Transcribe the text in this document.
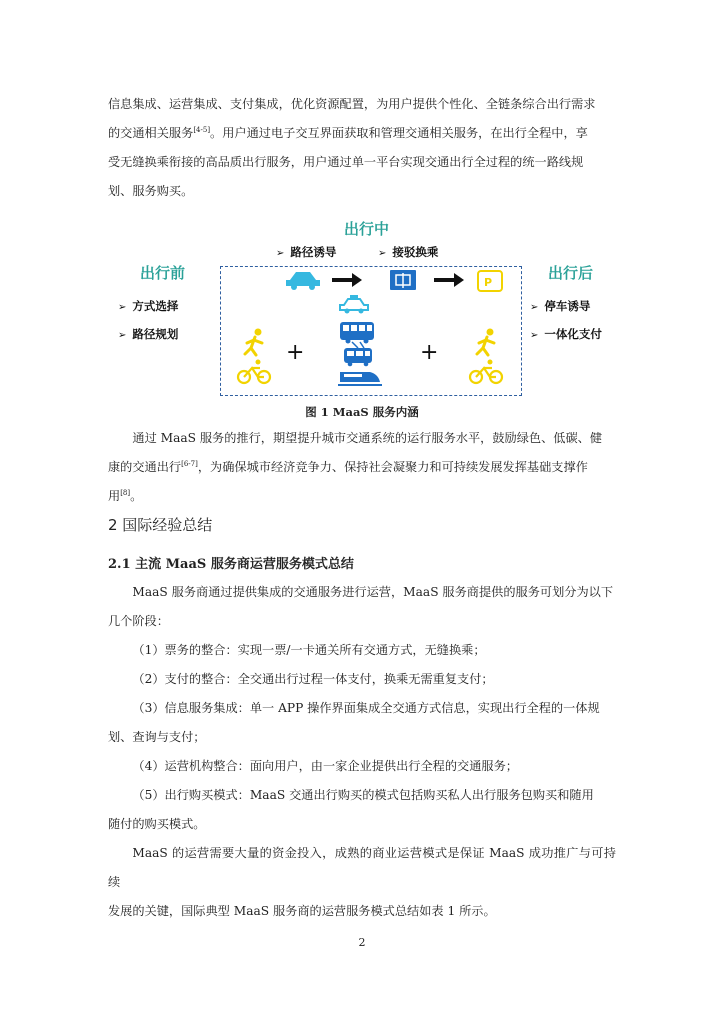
信息集成、运营集成、支付集成，优化资源配置，为用户提供个性化、全链条综合出行需求
的交通相关服务[4-5]。用户通过电子交互界面获取和管理交通相关服务，在出行全程中，享
受无缝换乘衔接的高品质出行服务，用户通过单一平台实现交通出行全过程的统一路线规
划、服务购买。

出行中
➢ 路径诱导	➢ 接驳换乘
出行前
➢ 方式选择
➢ 路径规划
出行后
➢ 停车诱导
➢ 一体化支付
+	+
P
图 1 MaaS 服务内涵

通过 MaaS 服务的推行，期望提升城市交通系统的运行服务水平，鼓励绿色、低碳、健
康的交通出行[6-7]，为确保城市经济竞争力、保持社会凝聚力和可持续发展发挥基础支撑作
用[8]。

2 国际经验总结
2.1 主流 MaaS 服务商运营服务模式总结

MaaS 服务商通过提供集成的交通服务进行运营，MaaS 服务商提供的服务可划分为以下
几个阶段：

（1）票务的整合：实现一票/一卡通关所有交通方式，无缝换乘；

（2）支付的整合：全交通出行过程一体支付，换乘无需重复支付；

（3）信息服务集成：单一 APP 操作界面集成全交通方式信息，实现出行全程的一体规
划、查询与支付；

（4）运营机构整合：面向用户，由一家企业提供出行全程的交通服务；

（5）出行购买模式：MaaS 交通出行购买的模式包括购买私人出行服务包购买和随用
随付的购买模式。

MaaS 的运营需要大量的资金投入，成熟的商业运营模式是保证 MaaS 成功推广与可持续
发展的关键，国际典型 MaaS 服务商的运营服务模式总结如表 1 所示。

2
